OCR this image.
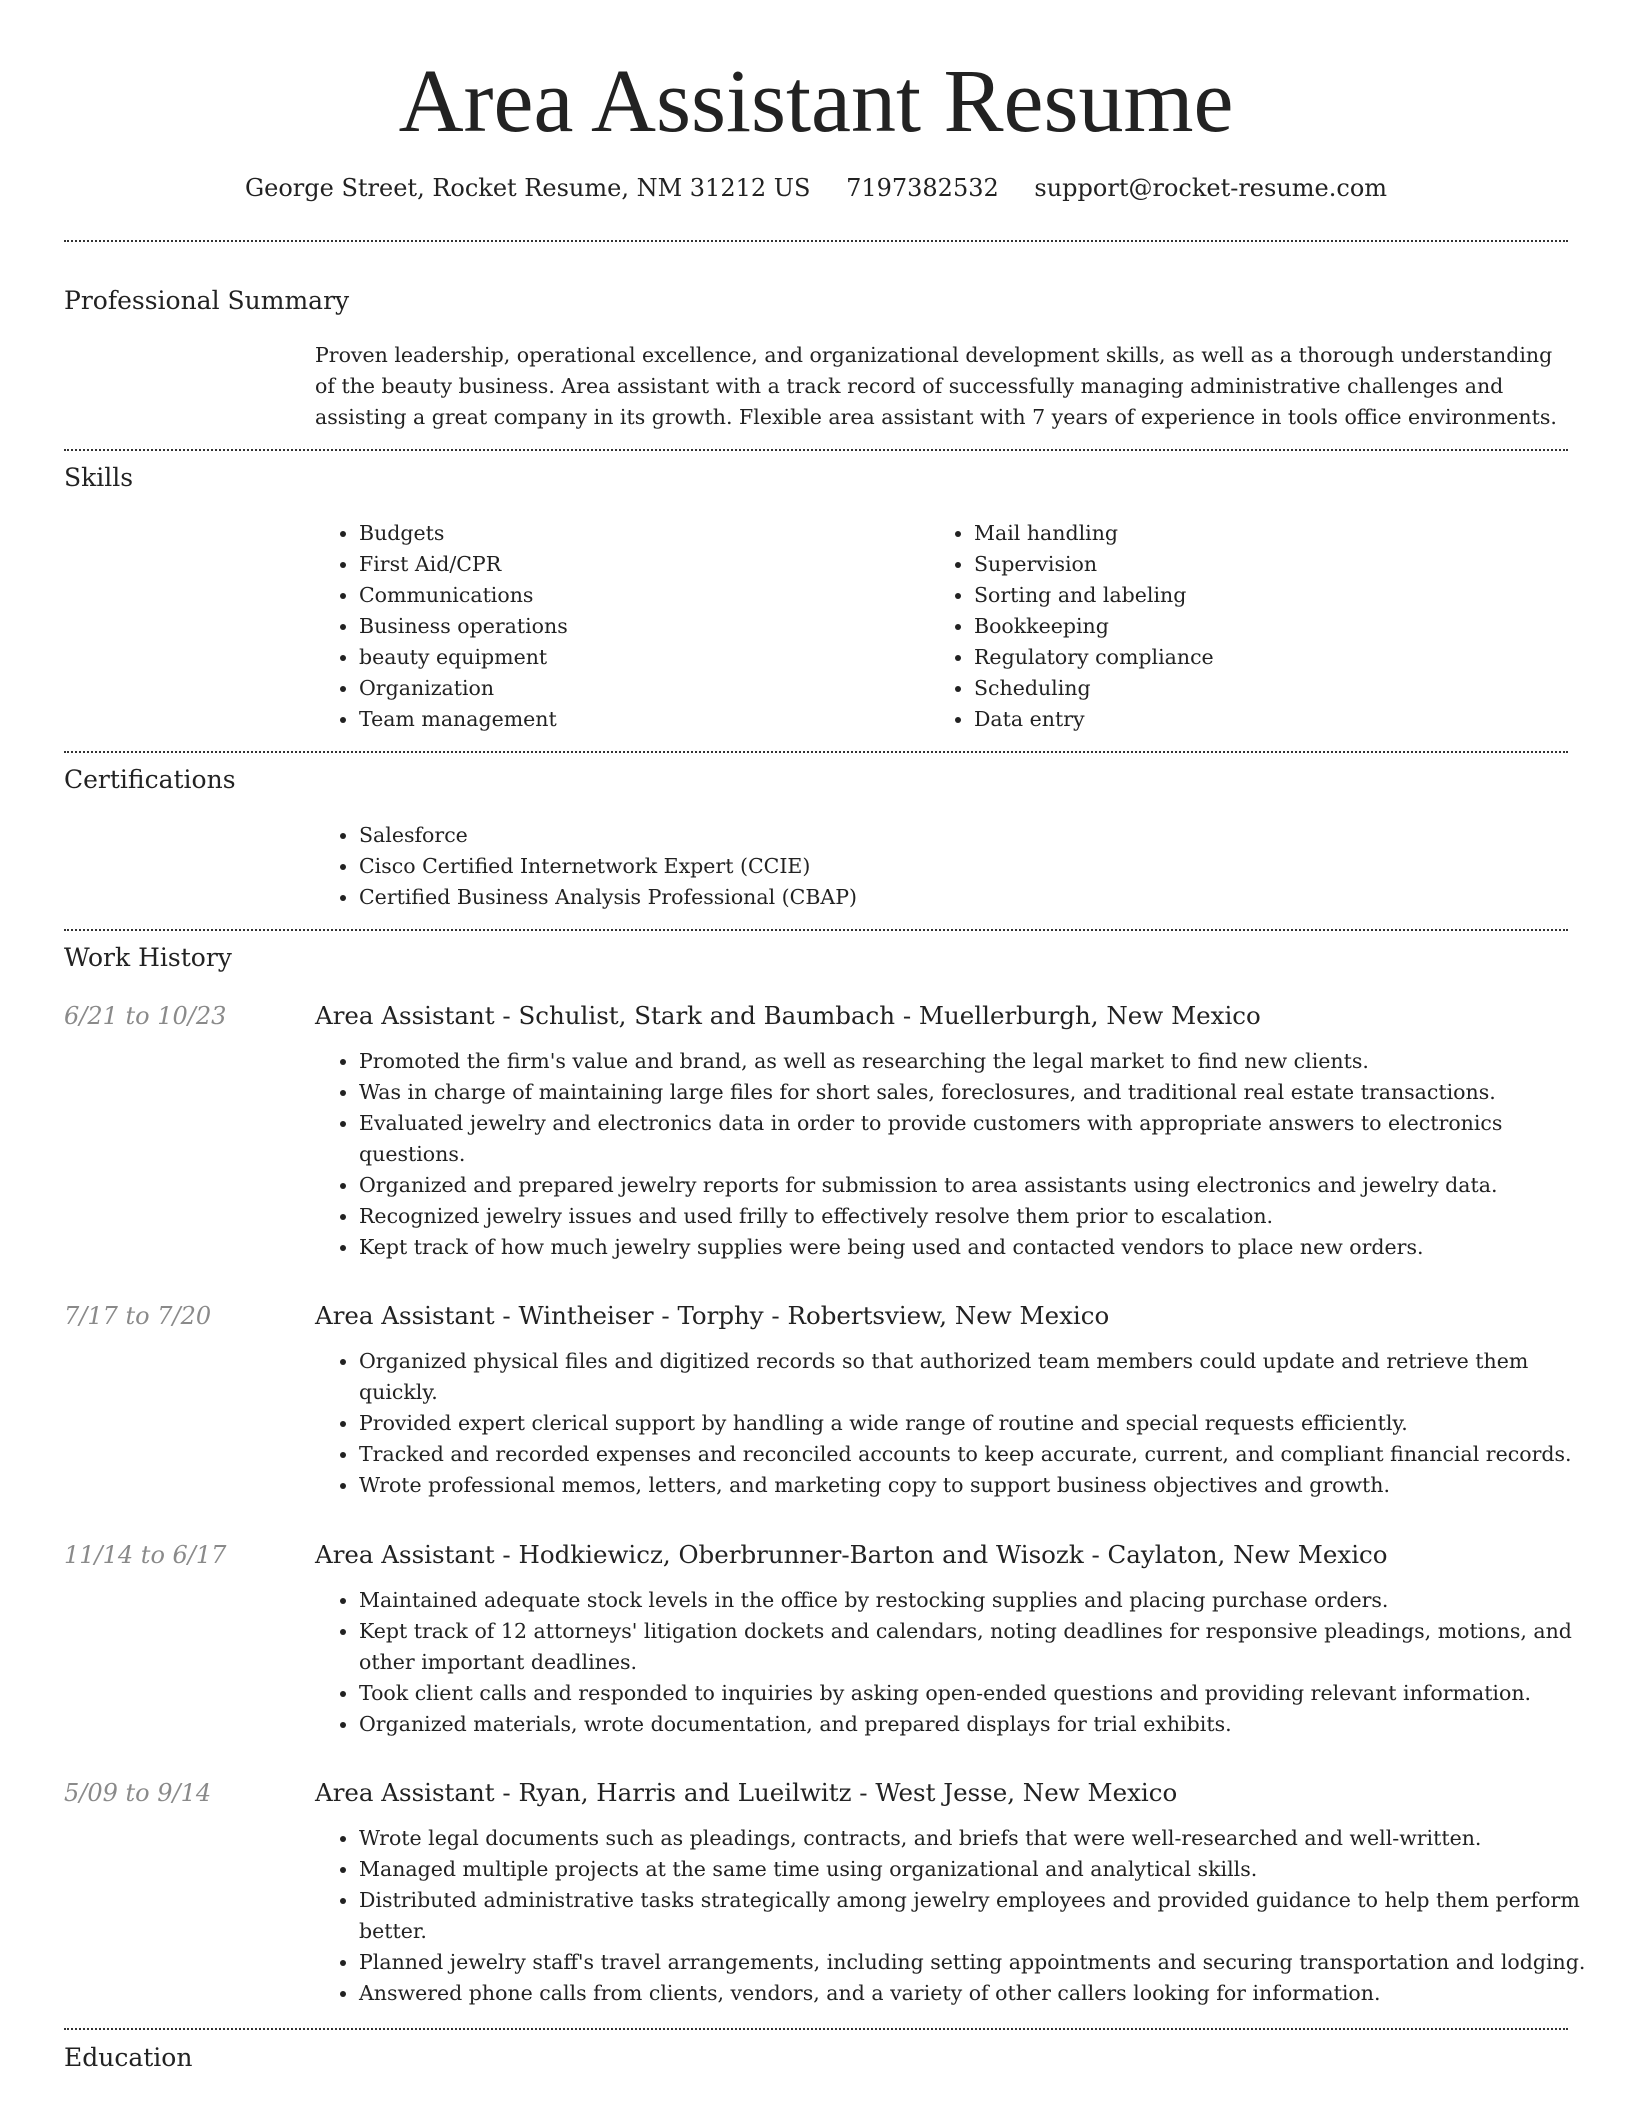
Area Assistant Resume
George Street, Rocket Resume, NM 31212 US 7197382532 support@rocket-resume.com
Professional Summary

Proven leadership, operational excellence, and organizational development skills, as well as a thorough understanding of the beauty business. Area assistant with a track record of successfully managing administrative challenges and assisting a great company in its growth. Flexible area assistant with 7 years of experience in tools office environments.

Skills
• Budgets
• First Aid/CPR
• Communications
• Business operations
• beauty equipment
• Organization
• Team management
• Mail handling
• Supervision
• Sorting and labeling
• Bookkeeping
• Regulatory compliance
• Scheduling
• Data entry
Certifications
• Salesforce
• Cisco Certified Internetwork Expert (CCIE)
• Certified Business Analysis Professional (CBAP)
Work History
6/21 to 10/23	Area Assistant - Schulist, Stark and Baumbach - Muellerburgh, New Mexico
• Promoted the firm's value and brand, as well as researching the legal market to find new clients.
• Was in charge of maintaining large files for short sales, foreclosures, and traditional real estate transactions.
• Evaluated jewelry and electronics data in order to provide customers with appropriate answers to electronics questions.
• Organized and prepared jewelry reports for submission to area assistants using electronics and jewelry data.
• Recognized jewelry issues and used frilly to effectively resolve them prior to escalation.
• Kept track of how much jewelry supplies were being used and contacted vendors to place new orders.
7/17 to 7/20	Area Assistant - Wintheiser - Torphy - Robertsview, New Mexico
• Organized physical files and digitized records so that authorized team members could update and retrieve them quickly.
• Provided expert clerical support by handling a wide range of routine and special requests efficiently.
• Tracked and recorded expenses and reconciled accounts to keep accurate, current, and compliant financial records.
• Wrote professional memos, letters, and marketing copy to support business objectives and growth.
11/14 to 6/17	Area Assistant - Hodkiewicz, Oberbrunner-Barton and Wisozk - Caylaton, New Mexico
• Maintained adequate stock levels in the office by restocking supplies and placing purchase orders.
• Kept track of 12 attorneys' litigation dockets and calendars, noting deadlines for responsive pleadings, motions, and other important deadlines.
• Took client calls and responded to inquiries by asking open-ended questions and providing relevant information.
• Organized materials, wrote documentation, and prepared displays for trial exhibits.
5/09 to 9/14	Area Assistant - Ryan, Harris and Lueilwitz - West Jesse, New Mexico
• Wrote legal documents such as pleadings, contracts, and briefs that were well-researched and well-written.
• Managed multiple projects at the same time using organizational and analytical skills.
• Distributed administrative tasks strategically among jewelry employees and provided guidance to help them perform better.
• Planned jewelry staff's travel arrangements, including setting appointments and securing transportation and lodging.
• Answered phone calls from clients, vendors, and a variety of other callers looking for information.
Education
